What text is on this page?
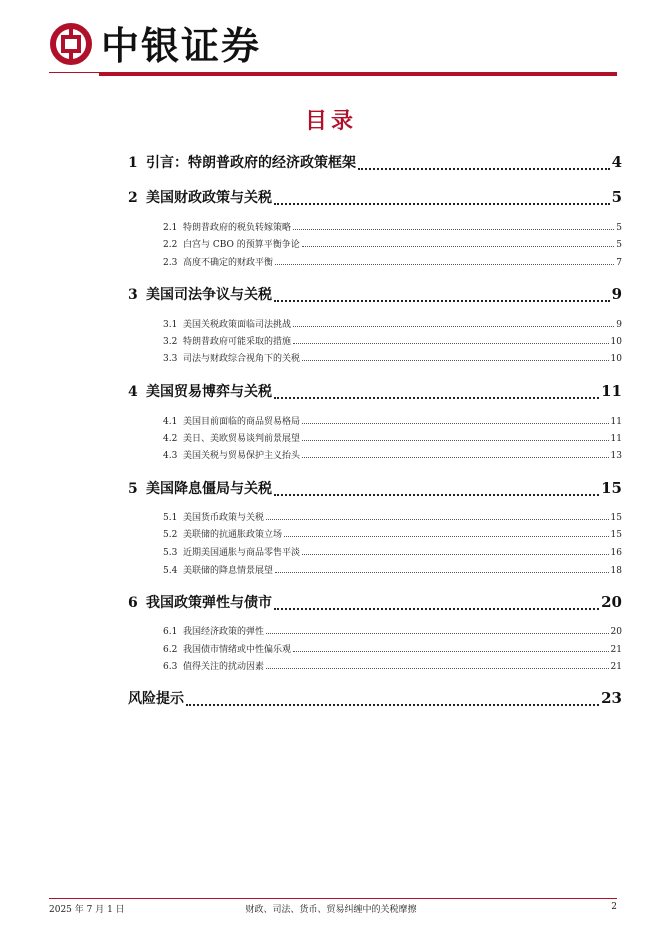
中银证券
目录
1 引言：特朗普政府的经济政策框架	4
2 美国财政政策与关税	5
2.1 特朗普政府的税负转嫁策略	5
2.2 白宫与 CBO 的预算平衡争论	5
2.3 高度不确定的财政平衡	7
3 美国司法争议与关税	9
3.1 美国关税政策面临司法挑战	9
3.2 特朗普政府可能采取的措施	10
3.3 司法与财政综合视角下的关税	10
4 美国贸易博弈与关税	11
4.1 美国目前面临的商品贸易格局	11
4.2 美日、美欧贸易谈判前景展望	11
4.3 美国关税与贸易保护主义抬头	13
5 美国降息僵局与关税	15
5.1 美国货币政策与关税	15
5.2 美联储的抗通胀政策立场	15
5.3 近期美国通胀与商品零售平淡	16
5.4 美联储的降息情景展望	18
6 我国政策弹性与债市	20
6.1 我国经济政策的弹性	20
6.2 我国债市情绪或中性偏乐观	21
6.3 值得关注的扰动因素	21
风险提示	23
2025 年 7 月 1 日	财政、司法、货币、贸易纠缠中的关税摩擦	2
